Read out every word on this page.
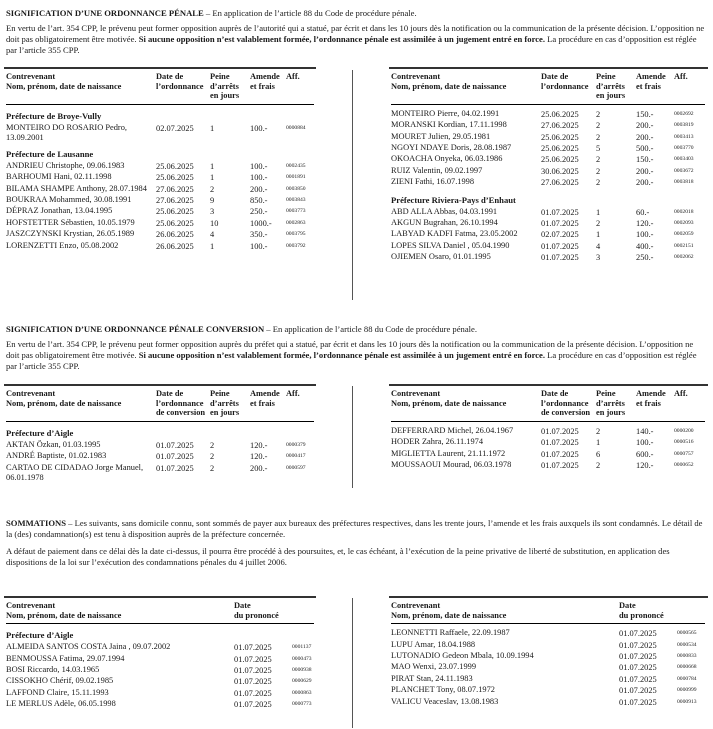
SIGNIFICATION D’UNE ORDONNANCE PÉNALE – En application de l’article 88 du Code de procédure pénale.
En vertu de l’art. 354 CPP, le prévenu peut former opposition auprès de l’autorité qui a statué, par écrit et dans les 10 jours dès la notification ou la communication de la présente décision. L’opposition ne doit pas obligatoirement être motivée. Si aucune opposition n’est valablement formée, l’ordonnance pénale est assimilée à un jugement entré en force. La procédure en cas d’opposition est réglée par l’article 355 CPP.
Contrevenant
Nom, prénom, date de naissance
Date de
l’ordonnance
Peine
d’arrêts
en jours
Amende
et frais
Aff.
Préfecture de Broye-Vully
MONTEIRO DO ROSARIO Pedro, 13.09.2001
02.07.2025	1	100.-	0000884
Préfecture de Lausanne
ANDRIEU Christophe, 09.06.1983	25.06.2025	1	100.-	0002435
BARHOUMI Hani, 02.11.1998	25.06.2025	1	100.-	0001891
BILAMA SHAMPE Anthony, 28.07.1984	27.06.2025	2	200.-	0003850
BOUKRAA Mohammed, 30.08.1991	27.06.2025	9	850.-	0003843
DÉPRAZ Jonathan, 13.04.1995	25.06.2025	3	250.-	0003773
HOFSTETTER Sébastien, 10.05.1979	25.06.2025	10	1000.-	0002863
JASZCZYNSKI Krystian, 26.05.1989	26.06.2025	4	350.-	0003795
LORENZETTI Enzo, 05.08.2002	26.06.2025	1	100.-	0003792
Contrevenant
Nom, prénom, date de naissance
Date de
l’ordonnance
Peine
d’arrêts
en jours
Amende
et frais
Aff.
MONTEIRO Pierre, 04.02.1991	25.06.2025	2	150.-	0002692
MORANSKI Kordian, 17.11.1998	27.06.2025	2	200.-	0003819
MOURET Julien, 29.05.1981	25.06.2025	2	200.-	0003413
NGOYI NDAYE Doris, 28.08.1987	25.06.2025	5	500.-	0003770
OKOACHA Onyeka, 06.03.1986	25.06.2025	2	150.-	0003403
RUIZ Valentin, 09.02.1997	30.06.2025	2	200.-	0003672
ZIENI Fathi, 16.07.1998	27.06.2025	2	200.-	0003818
Préfecture Riviera-Pays d’Enhaut
ABD ALLA Abbas, 04.03.1991	01.07.2025	1	60.-	0002018
AKGUN Bugrahan, 26.10.1994	01.07.2025	2	120.-	0002093
LABYAD KADFI Fatma, 23.05.2002	02.07.2025	1	100.-	0002059
LOPES SILVA Daniel , 05.04.1990	01.07.2025	4	400.-	0002151
OJIEMEN Osaro, 01.01.1995	01.07.2025	3	250.-	0002062
SIGNIFICATION D’UNE ORDONNANCE PÉNALE CONVERSION – En application de l’article 88 du Code de procédure pénale.
En vertu de l’art. 354 CPP, le prévenu peut former opposition auprès du préfet qui a statué, par écrit et dans les 10 jours dès la notification ou la communication de la présente décision. L’opposition ne doit pas obligatoirement être motivée. Si aucune opposition n’est valablement formée, l’ordonnance pénale est assimilée à un jugement entré en force. La procédure en cas d’opposition est réglée par l’article 355 CPP.
Contrevenant
Nom, prénom, date de naissance
Date de
l’ordonnance
de conversion
Peine
d’arrêts
en jours
Amende
et frais
Aff.
Préfecture d’Aigle
AKTAN Özkan, 01.03.1995	01.07.2025	2	120.-	0000379
ANDRÉ Baptiste, 01.02.1983	01.07.2025	2	120.-	0000417
CARTAO DE CIDADAO Jorge Manuel, 06.01.1978
01.07.2025	2	200.-	0000597
Contrevenant
Nom, prénom, date de naissance
Date de
l’ordonnance
de conversion
Peine
d’arrêts
en jours
Amende
et frais
Aff.
DEFFERRARD Michel, 26.04.1967	01.07.2025	2	140.-	0000200
HODER Zahra, 26.11.1974	01.07.2025	1	100.-	0000516
MIGLIETTA Laurent, 21.11.1972	01.07.2025	6	600.-	0000757
MOUSSAOUI Mourad, 06.03.1978	01.07.2025	2	120.-	0000652
SOMMATIONS – Les suivants, sans domicile connu, sont sommés de payer aux bureaux des préfectures respectives, dans les trente jours, l’amende et les frais auxquels ils sont condamnés. Le détail de la (des) condamnation(s) est tenu à disposition auprès de la préfecture concernée.
A défaut de paiement dans ce délai dès la date ci-dessus, il pourra être procédé à des poursuites, et, le cas échéant, à l’exécution de la peine privative de liberté de substitution, en application des dispositions de la loi sur l’exécution des condamnations pénales du 4 juillet 2006.
Contrevenant
Nom, prénom, date de naissance
Date
du prononcé
Préfecture d’Aigle
ALMEIDA SANTOS COSTA Jaina , 09.07.2002	01.07.2025	0001137
BENMOUSSA Fatima, 29.07.1994	01.07.2025	0000473
BOSI Riccardo, 14.03.1965	01.07.2025	0000938
CISSOKHO Chérif, 09.02.1985	01.07.2025	0000629
LAFFOND Claire, 15.11.1993	01.07.2025	0000863
LE MERLUS Adèle, 06.05.1998	01.07.2025	0000773
Contrevenant
Nom, prénom, date de naissance
Date
du prononcé
LEONNETTI Raffaele, 22.09.1987	01.07.2025	0000565
LUPU Amar, 18.04.1988	01.07.2025	0000534
LUTONADIO Gedeon Mbala, 10.09.1994	01.07.2025	0000833
MAO Wenxi, 23.07.1999	01.07.2025	0000668
PIRAT Stan, 24.11.1983	01.07.2025	0000784
PLANCHET Tony, 08.07.1972	01.07.2025	0000999
VALICU Veaceslav, 13.08.1983	01.07.2025	0000913
